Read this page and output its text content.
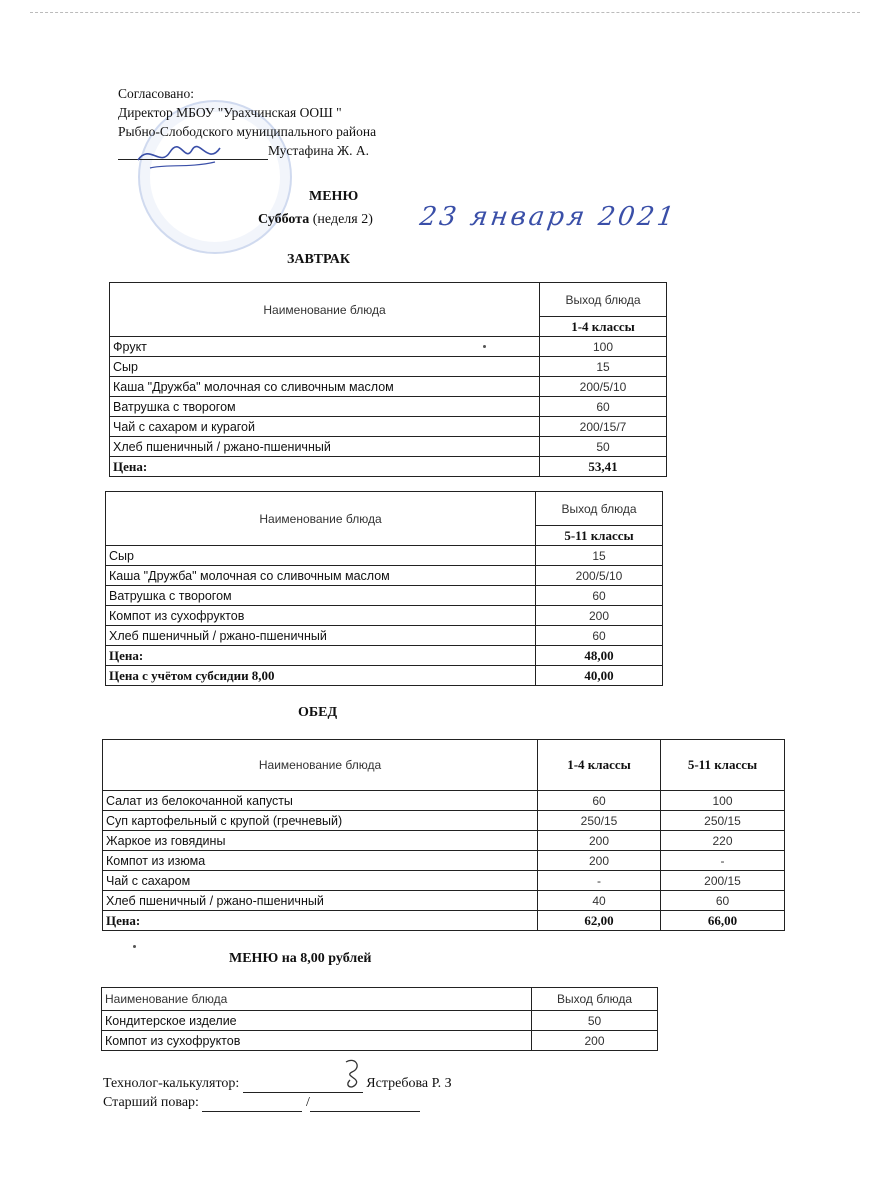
Согласовано:
Директор МБОУ "Урахчинская ООШ "
Рыбно-Слободского муниципального района
Мустафина Ж. А.
МЕНЮ
Суббота (неделя 2) 23 января 2021
ЗАВТРАК
Наименование блюда	Выход блюда
	1-4 классы
Фрукт	100
Сыр	15
Каша "Дружба" молочная со сливочным маслом	200/5/10
Ватрушка с творогом	60
Чай с сахаром и курагой	200/15/7
Хлеб пшеничный / ржано-пшеничный	50
Цена:	53,41
Наименование блюда	Выход блюда
	5-11 классы
Сыр	15
Каша "Дружба" молочная со сливочным маслом	200/5/10
Ватрушка с творогом	60
Компот из сухофруктов	200
Хлеб пшеничный / ржано-пшеничный	60
Цена:	48,00
Цена с учётом субсидии 8,00	40,00
ОБЕД
Наименование блюда	1-4 классы	5-11 классы
Салат из белокочанной капусты	60	100
Суп картофельный с крупой (гречневый)	250/15	250/15
Жаркое из говядины	200	220
Компот из изюма	200	-
Чай с сахаром	-	200/15
Хлеб пшеничный / ржано-пшеничный	40	60
Цена:	62,00	66,00
МЕНЮ на 8,00 рублей
Наименование блюда	Выход блюда
Кондитерское изделие	50
Компот из сухофруктов	200
Технолог-калькулятор:	Ястребова Р. З
Старший повар:	/
